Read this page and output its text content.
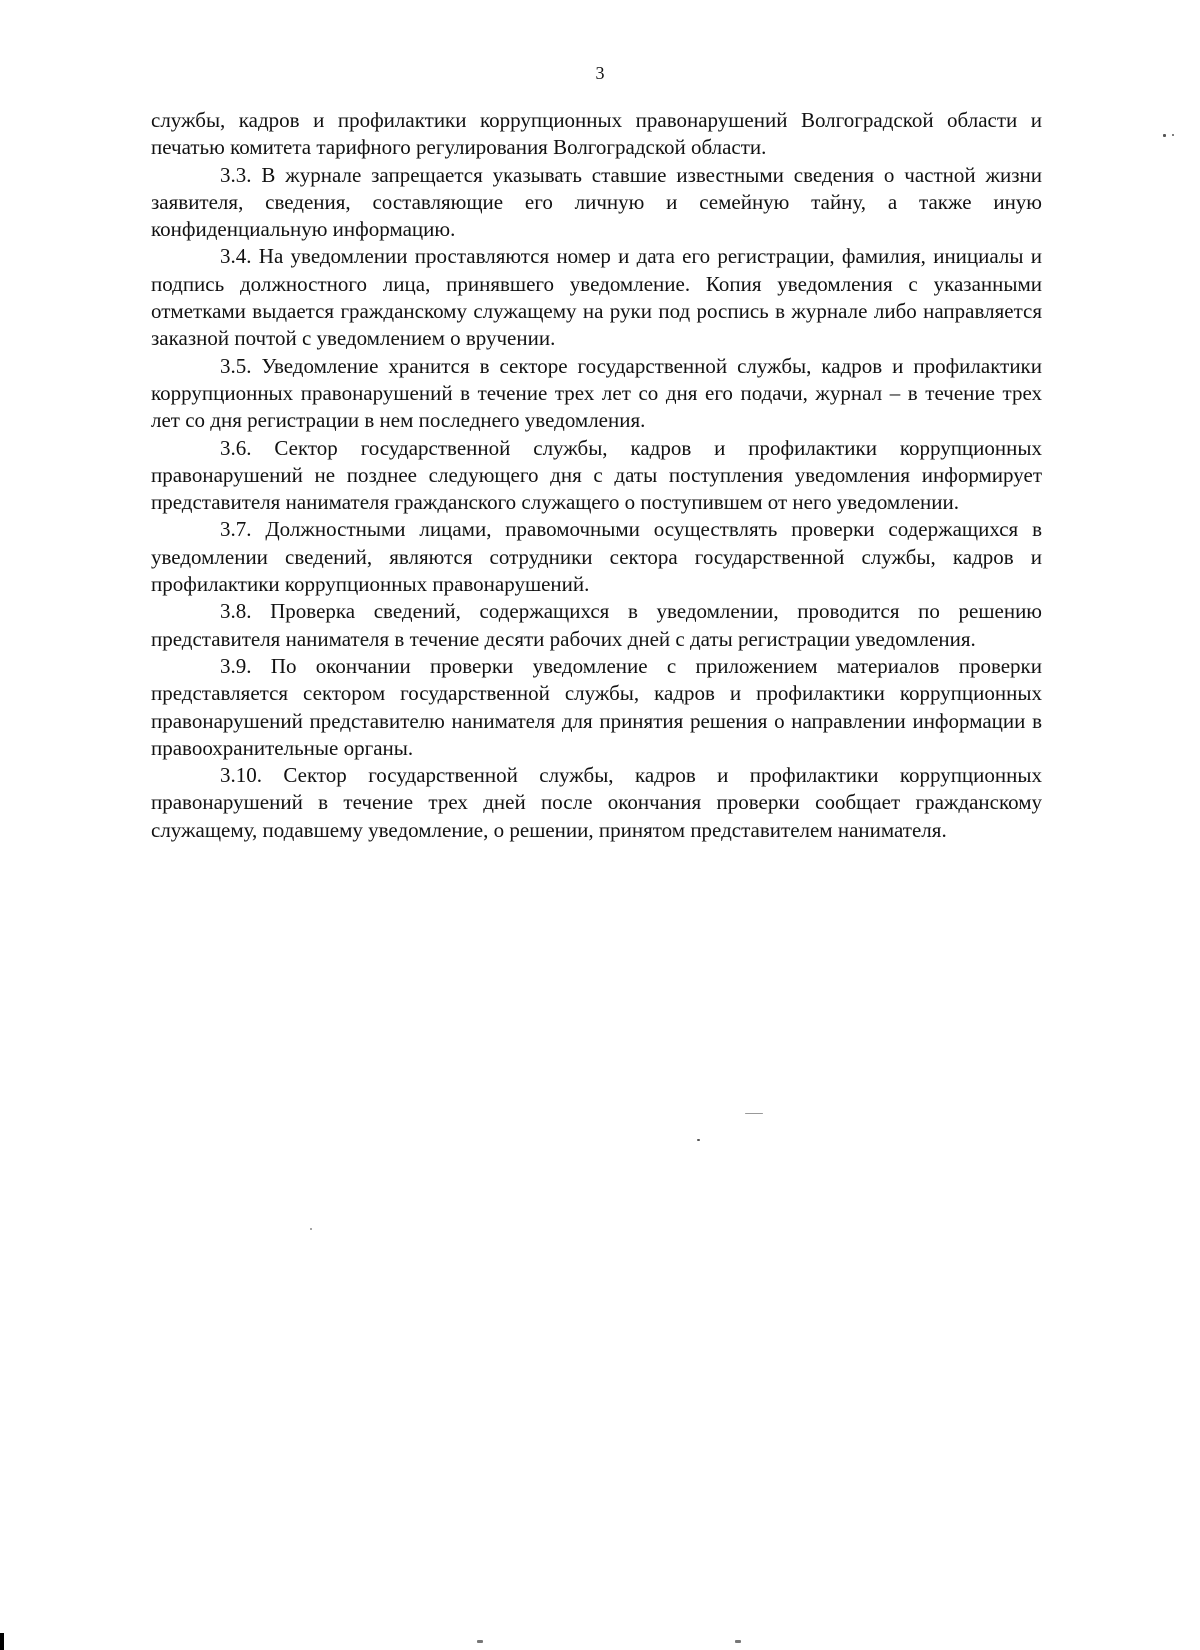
3

службы, кадров и профилактики коррупционных правонарушений Волгоградской области и печатью комитета тарифного регулирования Волгоградской области.

3.3. В журнале запрещается указывать ставшие известными сведения о частной жизни заявителя, сведения, составляющие его личную и семейную тайну, а также иную конфиденциальную информацию.

3.4. На уведомлении проставляются номер и дата его регистрации, фамилия, инициалы и подпись должностного лица, принявшего уведомление. Копия уведомления с указанными отметками выдается гражданскому служащему на руки под роспись в журнале либо направляется заказной почтой с уведомлением о вручении.

3.5. Уведомление хранится в секторе государственной службы, кадров и профилактики коррупционных правонарушений в течение трех лет со дня его подачи, журнал – в течение трех лет со дня регистрации в нем последнего уведомления.

3.6. Сектор государственной службы, кадров и профилактики коррупционных правонарушений не позднее следующего дня с даты поступления уведомления информирует представителя нанимателя гражданского служащего о поступившем от него уведомлении.

3.7. Должностными лицами, правомочными осуществлять проверки содержащихся в уведомлении сведений, являются сотрудники сектора государственной службы, кадров и профилактики коррупционных правонарушений.

3.8. Проверка сведений, содержащихся в уведомлении, проводится по решению представителя нанимателя в течение десяти рабочих дней с даты регистрации уведомления.

3.9. По окончании проверки уведомление с приложением материалов проверки представляется сектором государственной службы, кадров и профилактики коррупционных правонарушений представителю нанимателя для принятия решения о направлении информации в правоохранительные органы.

3.10. Сектор государственной службы, кадров и профилактики коррупционных правонарушений в течение трех дней после окончания проверки сообщает гражданскому служащему, подавшему уведомление, о решении, принятом представителем нанимателя.
